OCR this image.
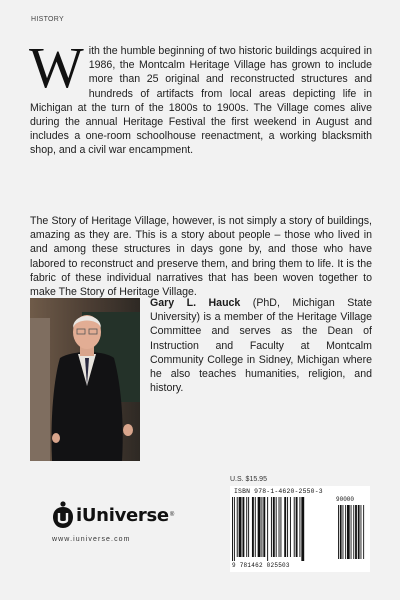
HISTORY
W ith the humble beginning of two historic buildings acquired in 1986, the Montcalm Heritage Village has grown to include more than 25 original and reconstructed structures and hundreds of artifacts from local areas depicting life in Michigan at the turn of the 1800s to 1900s. The Village comes alive during the annual Heritage Festival the first weekend in August and includes a one-room schoolhouse reenactment, a working blacksmith shop, and a civil war encampment.

The Story of Heritage Village, however, is not simply a story of buildings, amazing as they are. This is a story about people – those who lived in and among these structures in days gone by, and those who have labored to reconstruct and preserve them, and bring them to life. It is the fabric of these individual narratives that has been woven together to make The Story of Heritage Village.

Gary L. Hauck (PhD, Michigan State University) is a member of the Heritage Village Committee and serves as the Dean of Instruction and Faculty at Montcalm Community College in Sidney, Michigan where he also teaches humanities, religion, and history.

U.S. $15.95
ISBN 978-1-4620-2550-3
9 781462 025503
90000
iUniverse ®
www.iuniverse.com
